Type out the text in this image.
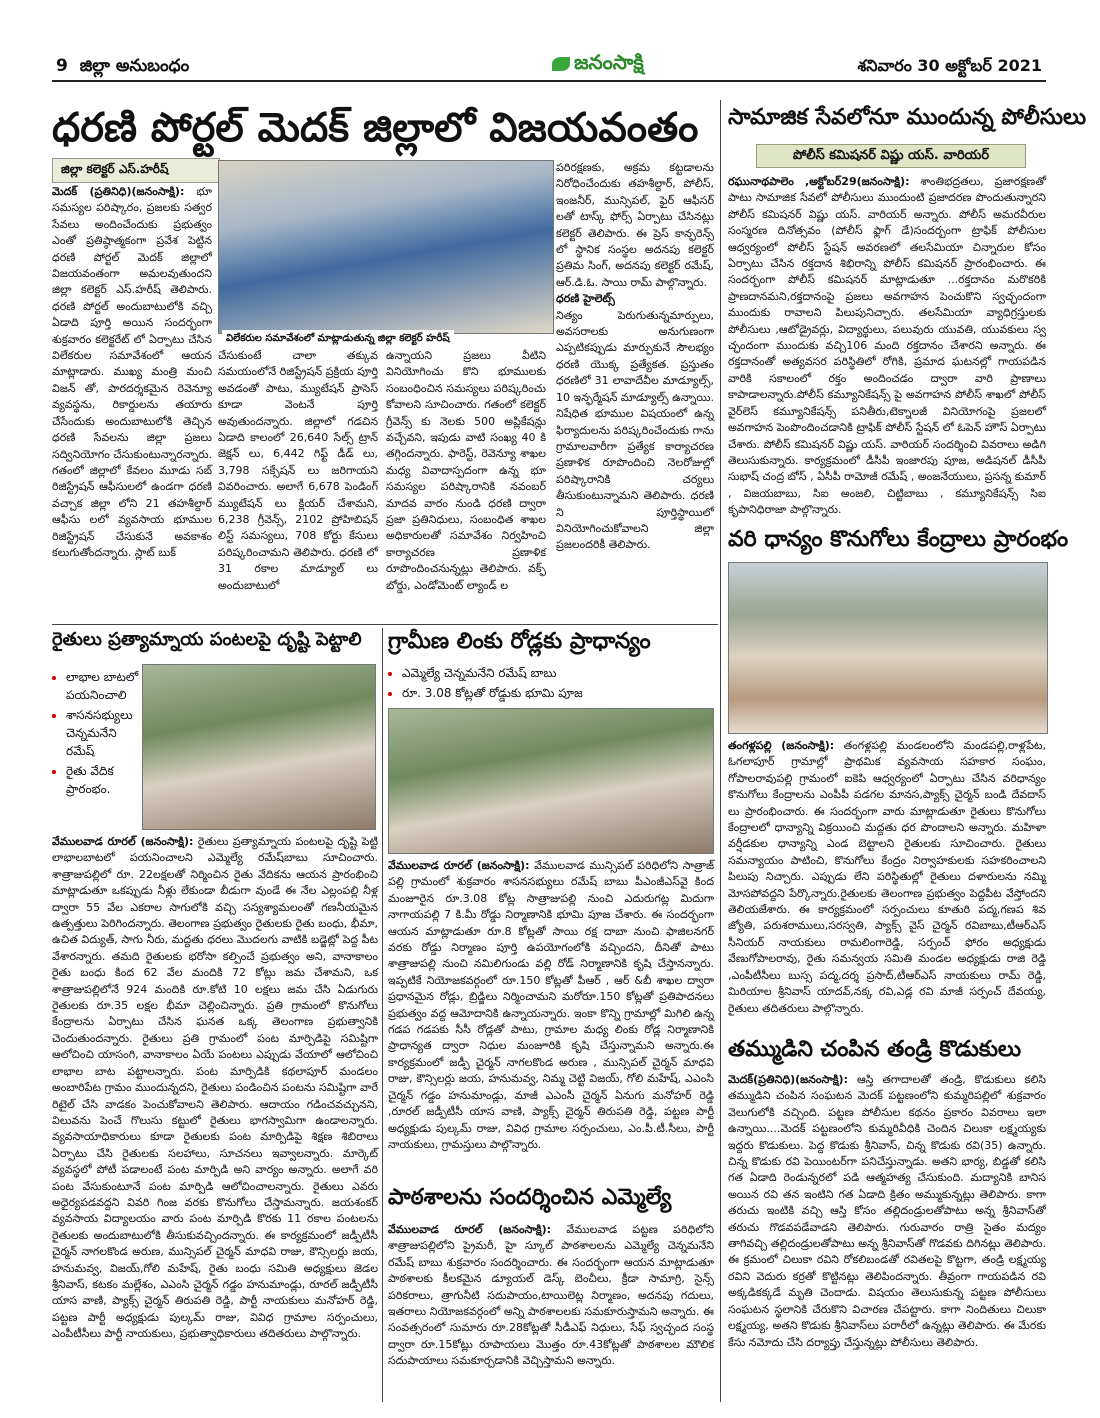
9 జిల్లా అనుబంధం	జనంసాక్షి	శనివారం 30 అక్టోబర్ 2021
ధరణి పోర్టల్ మెదక్ జిల్లాలో విజయవంతం
జిల్లా కలెక్టర్ ఎస్.హరీష్
విలేకరుల సమావేశంలో మాట్లాడుతున్న జిల్లా కలెక్టర్ హరీష్
మెదక్ (ప్రతినిధి)(జనంసాక్షి): భూ సమస్యల పరిష్కారం, ప్రజలకు సత్వర సేవలు అందించేందుకు ప్రభుత్వం ఎంతో ప్రతిష్ఠాత్మకంగా ప్రవేశ పెట్టిన ధరణి పోర్టల్ మెదక్ జిల్లాలో విజయవంతంగా అమలవుతుందని జిల్లా కలెక్టర్ ఎస్.హరీష్ తెలిపారు. ధరణి పోర్టల్ అందుబాటులోకి వచ్చి ఏడాది పూర్తి అయిన సందర్భంగా శుక్రవారం కలెక్టరేట్ లో ఏర్పాటు చేసిన విలేకరుల సమావేశంలో ఆయన మాట్లాడారు. ముఖ్య మంత్రి మంచి విజన్ తో, పారదర్శకమైన రెవెన్యూ వ్యవస్థను, రికార్డులను తయారు చేసేందుకు అందుబాటులోకి తెచ్చిన ధరణి సేవలను జిల్లా ప్రజలు సద్వినియోగం చేసుకుంటున్నారన్నారు. గతంలో జిల్లాలో కేవలం మూడు సబ్ రిజిస్ట్రేషన్ ఆఫీసులలో ఉండగా ధరణి వచ్చాక జిల్లా లోని 21 తహశీల్దార్ ఆఫీసు లలో వ్యవసాయ భూముల రిజిస్ట్రేషన్ చేసుకునే అవకాశం కలుగుతోందన్నారు. స్లాట్ బుక్
చేసుకుంటే చాలా తక్కువ సమయంలోనే రిజిస్ట్రేషన్ ప్రక్రియ పూర్తి అవడంతో పాటు, మ్యుటేషన్ ప్రాసెస్ కూడా వెంటనే పూర్తి అవుతుందన్నారు. జిల్లాలో గడచిన ఏడాది కాలంలో 26,640 సేల్స్ ట్రాన్ జెక్షన్ లు, 6,442 గిఫ్ట్ డీడ్ లు, 3,798 సక్సేషన్ లు జరిగాయని వివరించారు. అలాగే 6,678 పెండింగ్ మ్యుటేషన్ లు క్లియర్ చేశామని, 6,238 గ్రీవెన్స్, 2102 ప్రోహిబిషన్ లిస్ట్ సమస్యలు, 708 కోర్టు కేసులు పరిష్కరించామని తెలిపారు. ధరణి లో 31 రకాల మాడ్యూల్ లు అందుబాటులో
ఉన్నాయని ప్రజలు వీటిని వినియోగించు కొని భూములకు సంబంధించిన సమస్యలు పరిష్కరించు కోవాలని సూచించారు. గతంలో కలెక్టర్ గ్రీవెన్స్ కు నెలకు 500 అప్లికేషన్లు వచ్చేవని, ఇపుడు వాటి సంఖ్య 40 కి తగ్గిందన్నారు. ఫారెస్ట్, రెవెన్యూ శాఖల మధ్య వివాదాస్పదంగా ఉన్న భూ సమస్యల పరిష్కారానికి నవంబర్ మాదవ వారం నుండి ధరణి ద్వారా ప్రజా ప్రతినిధులు, సంబంధిత శాఖల అధికారులతో సమావేశం నిర్వహించి కార్యాచరణ ప్రణాళిక రూపొందించనున్నట్లు తెలిపారు. వక్ఫ్ బోర్డు, ఎండోమెంట్ ల్యాండ్ ల
పరిరక్షణకు, అక్రమ కట్టడాలను నిరోధించేందుకు తహశీల్దార్, పోలీస్, ఇంజనీర్, మున్సిపల్, ఫైర్ ఆఫీసర్ లతో టాస్క్ ఫోర్స్ ఏర్పాటు చేసినట్లు కలెక్టర్ తెలిపారు. ఈ ప్రెస్ కాన్ఫరెన్స్ లో స్థానిక సంస్థల అదనపు కలెక్టర్ ప్రతిమ సింగ్, అదనపు కలెక్టర్ రమేష్, ఆర్.డి.ఓ. సాయి రామ్ పాల్గొన్నారు.
ధరణి హైలెట్స్
నిత్యం పెరుగుతున్నమార్పులు, అవసరాలకు అనుగుణంగా ఎప్పటికప్పుడు మార్పుకునే సౌలభ్యం ధరణి యొక్క ప్రత్యేకత. ప్రస్తుతం ధరణిలో 31 లావాదేవీల మాడ్యూల్స్, 10 ఇన్ఫర్మేషన్ మాడ్యూల్స్ ఉన్నాయి. నిషేధిత భూముల విషయంలో ఉన్న ఫిర్యాదులను పరిష్కరించేందుకు గాను గ్రామాలవారీగా ప్రత్యేక కార్యాచరణ ప్రణాళిక రూపొందించి నెలరోజుల్లో పరిష్కారానికి చర్యలు తీసుకుంటున్నామని తెలిపారు. ధరణి ని పూర్తిస్థాయిలో వినియోగించుకోవాలని జిల్లా ప్రజలందరికీ తెలిపారు.
సామాజిక సేవలోనూ ముందున్న పోలీసులు
పోలీస్ కమిషనర్ విష్ణు యస్. వారియర్
రఘునాథపాలెం ,అక్టోబర్29(జనంసాక్షి): శాంతిభద్రతలు, ప్రజారక్షణతో పాటు సామాజిక సేవలో పోలీసులు ముందుంటి ప్రజాదరణ పొందుతున్నారని పోలీస్ కమిషనర్ విష్ణు యస్. వారియర్ అన్నారు. పోలీస్ అమరవీరుల సంస్మరణ దినోత్సవం (పోలీస్ ఫ్లాగ్ డే)సందర్బంగా ట్రాఫిక్ పోలీసుల ఆధ్వర్యంలో పోలీస్ స్టేషన్ అవరణలో తలసేమియా చిన్నారుల కోసం ఏర్పాటు చేసిన రక్తదాన శిభిరాన్ని పోలీస్ కమిషనర్ ప్రారంభించారు. ఈ సందర్బంగా పోలీస్ కమిషనర్ మాట్లాడుతూ ...రక్తదానం మరొకరికి ప్రాణదానమని,రక్తదానంపై ప్రజలు అవగాహన పెంచుకొని స్వచ్ఛందంగా ముందుకు రావాలని పిలుపునిచ్చారు. తలసేమియా వ్యాధిగ్రస్తులకు పోలీసులు ,ఆటోడ్రైవర్లు, విద్యార్థులు, పలువురు యువతి, యువకులు స్వ చ్ఛందంగా ముందుకు వచ్చి106 మంది రక్తదానం చేశారని అన్నారు. ఈ రక్తదానంతో అత్యవసర పరిస్థితిలో రోగికి, ప్రమాద ఘటనల్లో గాయపడిన వారికి సకాలంలో రక్తం అందించడం ద్వారా వారి ప్రాణాలు కాపాడాలన్నారు.పోలీస్ కమ్యూనికేషన్స్ పై అవగాహన పోలీస్ శాఖలో పోలీస్ వైర్‌లెస్ కమ్యూనికేషన్స్ పనితీరు,టెక్నాలజీ వినియోగంపై ప్రజలలో అవగాహన పెంపొందించడానికి ట్రాఫిక్ పోలీస్ స్టేషన్ లో ఓపెన్ హౌస్ ఏర్పాటు చేశారు. పోలీస్ కమిషనర్ విష్ణు యస్. వారియర్ సందర్శించి వివరాలు అడిగి తెలుసుకున్నారు. కార్యక్రమంలో డీసీపీ ఇంజారపు పూజ, అడిషనల్ డీసీపీ సుభాష్ చంద్ర బోస్ , ఏసీపీ రామోజీ రమేష్ , అంజనేయులు, ప్రసన్న కుమార్ , విజయబాబు, సిఐ అంజలి, చిట్టిబాబు , కమ్యూనికేషన్స్ సిఐ కృపానిధిరాజా పాల్గొన్నారు.
వరి ధాన్యం కొనుగోలు కేంద్రాలు ప్రారంభం
తంగళ్లపల్లి (జనంసాక్షి): తంగళ్లపల్లి మండలంలోని మండపల్లి,రాళ్లపేట, ఓగలాపూర్ గ్రామాల్లో ప్రాథమిక వ్యవసాయ సహకార సంఘం, గోపాలరావుపల్లి గ్రామంలో ఐకెపి ఆధ్వర్యంలో ఏర్పాటు చేసిన వరిధాన్యం కొనుగోలు కేంద్రాలను ఎంపీపీ పడగల మానస,ప్యాక్స్ చైర్మన్ బండి దేవదాస్ లు ప్రారంభించారు. ఈ సందర్భంగా వారు మాట్లాడుతూ రైతులు కొనుగోలు కేంద్రాలలో ధాన్యాన్ని విక్రయించి మద్దతు ధర పొందాలని అన్నారు. మహిళా వర్షీడకుల ధాన్యాన్ని ఎండ బెట్టాలని రైతులకు సూచించారు. రైతులు సమన్యాయం పాటించి, కొనుగోలు కేంద్రం నిర్వాహకులకు సహకరించాలని పిలుపు నిచ్చారు. ఎప్పుడు లేని పరిస్థితుల్లో రైతులు దళారులను నమ్మి మోసపోవద్దని పేర్కొన్నారు.రైతులకు తెలంగాణ ప్రభుత్వం పెద్దపీట వేస్తోందని తెలియజేశారు. ఈ కార్యక్రమంలో సర్పంచులు కూతురి పద్మ,గణప శివ జ్యోతి, పరుశరాములు,సరస్వతి, ప్యాక్స్ వైస్ చైర్మన్ రవిబాబు,టీఆర్ఎస్ సీనియర్ నాయకులు రామలింగారెడ్డి, సర్పంచ్ ఫోరం అధ్యక్షుడు వేణుగోపాలరావు, రైతు సమన్వయ సమితి మండల అధ్యక్షుడు రాజి రెడ్డి ,ఎంపీటీసీలు బుస్స పద్మ,దర్శ ప్రసాద్,టీఆర్ఎస్ నాయకులు రామ్ రెడ్డి, మిరియాల శ్రీనివాస్ యాదవ్,నక్క రవి,ఎడ్ల రవి మాజీ సర్పంచ్ దేవయ్య, రైతులు తదితరులు పాల్గొన్నారు.
తమ్ముడిని చంపిన తండ్రి కొడుకులు
మెదక్(ప్రతినిధి)(జనంసాక్షి): ఆస్తి తగాదాలతో తండ్రి, కొడుకులు కలిసి తమ్ముడిని చంపిన సంఘటన మెదక్ పట్టణంలోని కుమ్మరిపల్లిలో శుక్రవారం వెలుగులోకి వచ్చింది. పట్టణ పోలీసుల కథనం ప్రకారం వివరాలు ఇలా ఉన్నాయి....మెదక్ పట్టణంలోని కుమ్మరివీధికి చెందిన చిలుకా లక్ష్మయ్యకు ఇద్దరు కొడుకులు. పెద్ద కొడుకు శ్రీనివాస్, చిన్న కొడుకు రవి(35) ఉన్నారు. చిన్న కొడుకు రవి పెయింటర్‌గా పనిచేస్తున్నాడు. అతని భార్య, బిడ్డతో కలిసి గత ఏడాది రెండున్నరలో పడి ఆత్మహత్య చేసుకుంది. మద్యానికి బానిస అయిన రవి తన ఇంటిని గత ఏడాది క్రితం అమ్ముకున్నట్లు తెలిపారు. కాగా తరుచు ఇంటికి వచ్చి ఆస్తి కోసం తల్లిదండ్రులతోపాటు అన్న శ్రీనివాస్‌తో తరుచు గొడవపడేవాడని తెలిపారు. గురువారం రాత్రి సైతం మద్యం తాగివచ్చి తల్లిదండ్రులతోపాటు అన్న శ్రీనివాస్‌తో గొడవకు దిగినట్లు తెలిపారు. ఈ క్రమంలో చిలుకా రవిని రోకలిబండతో రవితలపై కొట్టగా, తండ్రి లక్ష్మయ్య రవిని వెదురు కర్రతో కొట్టినట్లు తెలిపిందన్నారు. తీవ్రంగా గాయపడిన రవి అక్కడికక్కడే మృతి చెందాడు. విషయం తెలుసుకున్న పట్టణ పోలీసులు సంఘటన స్థలానికి చేరుకొని విచారణ చేపట్టారు. కాగా నిందితులు చిలుకా లక్ష్మయ్య, అతని కొడుకు శ్రీనివాస్‌లు పరారీలో ఉన్నట్లు తెలిపారు. ఈ మేరకు కేసు నమోదు చేసి దర్యాప్తు చేస్తున్నట్లు పోలీసులు తెలిపారు.
రైతులు ప్రత్యామ్నాయ పంటలపై దృష్టి పెట్టాలి
• లాభాల బాటలో పయనించాలి
• శాసనసభ్యులు చెన్నమనేని రమేష్
• రైతు వేదిక ప్రారంభం.
వేములవాడ రూరల్ (జనంసాక్షి): రైతులు ప్రత్యామ్నాయ పంటలపై దృష్టి పెట్టి లాభాలబాటలో పయనించాలని ఎమ్మెల్యే రమేష్‌బాబు సూచించారు. శాత్రాజుపల్లిలో రూ. 22లక్షలతో నిర్మించిన రైతు వేదికను ఆయన ప్రారంభించి మాట్లాడుతూ ఒకప్పుడు నీళ్లు లేకుండా బీడుగా వుండే ఈ నేల ఎల్లంపల్లి నీళ్ల ద్వారా 55 వేల ఎకరాల సాగులోకి వచ్చి సస్యశ్యామలంతో గణనీయమైన ఉత్పత్తులు పెరిగిందన్నారు. తెలంగాణ ప్రభుత్వం రైతులకు రైతు బంధు, భీమా, ఉచిత విద్యుత్, సాగు నీరు, మద్దతు ధరలు మొదలగు వాటికి బడ్జెట్లో పెద్ద పీట వేశారన్నారు. తమది రైతులకు భరోసా కల్పించే ప్రభుత్వం అని, వానాకాలం రైతు బంధు కింద 62 వేల మందికి 72 కోట్లు జమ చేశామని, ఒక శాత్రాజుపల్లిలోనే 924 మందికి రూ.కోటి 10 లక్షలు జమ చేసి ఏడుగురు రైతులకు రూ.35 లక్షల భీమా చెల్లించిన్నారు. ప్రతి గ్రామంలో కొనుగోలు కేంద్రాలను ఏర్పాటు చేసిన ఘనత ఒక్క తెలంగాణ ప్రభుత్వానికి చెందుతుందన్నారు. రైతులు ప్రతి గ్రామంలో పంట మార్పిడిపై సమిష్టిగా ఆలోచించి యాసంగి, వానాకాలం ఏయే పంటలు ఎప్పుడు వేయాలో ఆలోచించి లాభాల బాట పట్టాలన్నారు. పంట మార్పిడికి కథలాపూర్ మండలం అంబారిపేట గ్రామం ముందున్నదని, రైతులు పండించిన పంటను సమిష్టిగా వారే రిటైల్ చేసి వాడకం పెంచుకోవాలని తెలిపారు. ఆదాయం గడించవచ్చునని, విలువను పెంచే గొలుసు కట్టులో రైతులు భాగస్వామిగా ఉండాలన్నారు. వ్యవసాయాధికారులు కూడా రైతులకు పంట మార్పిడిపై శిక్షణ శిబిరాలు ఏర్పాటు చేసి రైతులకు సలహాలు, సూచనలు ఇవ్వాలన్నారు. మార్కెట్ వ్యవస్థలో పోటీ పడాలంటే పంట మార్పిడి అని వార్యం అన్నారు. అలాగే వరి పంట వేసుకుంటూనే పంట మార్పిడి ఆలోచించాలన్నారు. రైతులు ఎవరు అధైర్యపడవద్దని వివరి గింజ వరకు కొనుగోలు చేస్తామన్నారు. జయశంకర్ వ్యవసాయ విద్యాలయం వారు పంట మార్పిడి కొరకు 11 రకాల పంటలను రైతులకు అందుబాటులోకి తీసుకువచ్చిందన్నారు. ఈ కార్యక్రమంలో జడ్పీటీసీ చైర్మన్ నాగలకొండ అరుణ, మున్సిపల్ చైర్మన్ మాధవి రాజు, కౌన్సిలర్లు జయ, హనుమవ్వ, విజయ్,గోలి మహేష్, రైతు బంధు సమితి అధ్యక్షులు జెడల శ్రీనివాస్, కటకం మల్లేశం, ఎఎంసి చైర్మన్ గడ్డం హనుమాండ్లు, రూరల్ జడ్పీటీసీ యాస వాణి, ప్యాక్స్ చైర్మన్ తిరుపతి రెడ్డి, పార్టీ నాయకులు మనోహర్ రెడ్డి, పట్టణ పార్టీ అధ్యక్షుడు పుల్కమ్ రాజు, వివిధ గ్రామాల సర్పంచులు, ఎంపీటీసీలు పార్టీ నాయకులు, ప్రభుత్వాధికారులు తదితరులు పాల్గొన్నారు.
గ్రామీణ లింకు రోడ్లకు ప్రాధాన్యం
• ఎమ్మెల్యే చెన్నమనేని రమేష్ బాబు
• రూ. 3.08 కోట్లతో రోడ్డుకు భూమి పూజ
వేములవాడ రూరల్ (జనంసాక్షి): వేములవాడ మున్సిపల్ పరిధిలోని సాత్రాజ్ పల్లి గ్రామంలో శుక్రవారం శాసనసభ్యులు రమేష్ బాబు పీఎంజీఎస్‌వై కింద మంజూరైన రూ.3.08 కోట్ల సాత్రాజుపల్లి నుంచి ఎదురుగట్ల మిదుగా నాగాయపల్లి 7 కి.మీ రోడ్డు నిర్మాణానికి భూమి పూజ చేశారు. ఈ సందర్భంగా ఆయన మాట్లాడుతూ రూ.8 కోట్లతో సాయి రక్ష దాబా నుంచి ఫాజిలనగర్ వరకు రోడ్డు నిర్మాణం పూర్తి ఉపయోగంలోకి వచ్చిందని, దీనితో పాటు శాత్రాజుపల్లి నుంచి నమిలిగుండు వల్లి రోడ్ నిర్మాణానికి కృషి చేస్తానన్నారు. ఇప్పటికే నియోజకవర్గంలో రూ.150 కోట్లతో పీఆర్ , ఆర్ &బీ శాఖల ద్వారా ప్రధానమైన రోడ్లు, బ్రిడ్జిలు నిర్మించామని మరోరూ.150 కోట్లతో ప్రతిపాదనలు ప్రభుత్వం వద్ద ఆమోదానికి ఉన్నాయన్నారు. ఇంకా కొన్ని గ్రామాల్లో మిగిలి ఉన్న గడప గడపకు సీసీ రోడ్లతో పాటు, గ్రామాల మధ్య లింకు రోడ్ల నిర్మాణానికి ప్రాధాన్యత ద్వారా నిధుల మంజూరికి కృషి చేస్తున్నామని అన్నారు.ఈ కార్యక్రమంలో జడ్పీ చైర్మన్ నాగలకొండ అరుణ , మున్సిపల్ చైర్మన్ మాధవి రాజు, కౌన్సిలర్లు జయ, హనుమవ్వ, నిమ్మ చెట్టి విజయ్, గోలి మహేష్, ఎఎంసి చైర్మన్ గడ్డం హనుమాండ్లు, మాజీ ఎఎంసీ చైర్మన్ ఏనుగు మనోహర్ రెడ్డి ,రూరల్ జడ్పీటీసీ యాస వాణి, ప్యాక్స్ చైర్మన్ తిరుపతి రెడ్డి, పట్టణ పార్టీ అధ్యక్షుడు పుల్కమ్ రాజు, వివిధ గ్రామాల సర్పంచులు, ఎం.పీ.టీ.సీలు, పార్టీ నాయకులు, గ్రామస్తులు పాల్గొన్నారు.
పాఠశాలను సందర్శించిన ఎమ్మెల్యే
వేములవాడ రూరల్ (జనంసాక్షి): వేములవాడ పట్టణ పరిధిలోని శాత్రాజుపల్లిలోని ప్రైమరీ, హై స్కూల్ పాఠశాలలను ఎమ్మెల్యే చెన్నమనేని రమేష్ బాబు శుక్రవారం సందర్శించారు. ఈ సందర్భంగా ఆయన మాట్లాడుతూ పాఠశాలకు కీలకమైన డ్యూయల్ డెస్క్ బెంచీలు, క్రీడా సామాగ్రి, సైన్స్ పరికరాలు, త్రాగునీటి సదుపాయం,టాయిలెట్ల నిర్మాణం, అదనపు గదులు, ఇతరాలు నియోజకవర్గంలో అన్ని పాఠశాలలకు సమకూరుస్తామని అన్నారు. ఈ సంవత్సరంలో సుమారు రూ.28కోట్లతో సీడీఎఫ్ నిధులు, సేఫ్ స్వచ్ఛంద సంస్థ ద్వారా రూ.15కోట్లు రూపాయలు మొత్తం రూ.43కోట్లతో పాఠశాలల మౌలిక సదుపాయాలు సమకూర్చడానికి వెచ్చిస్తామని అన్నారు.
